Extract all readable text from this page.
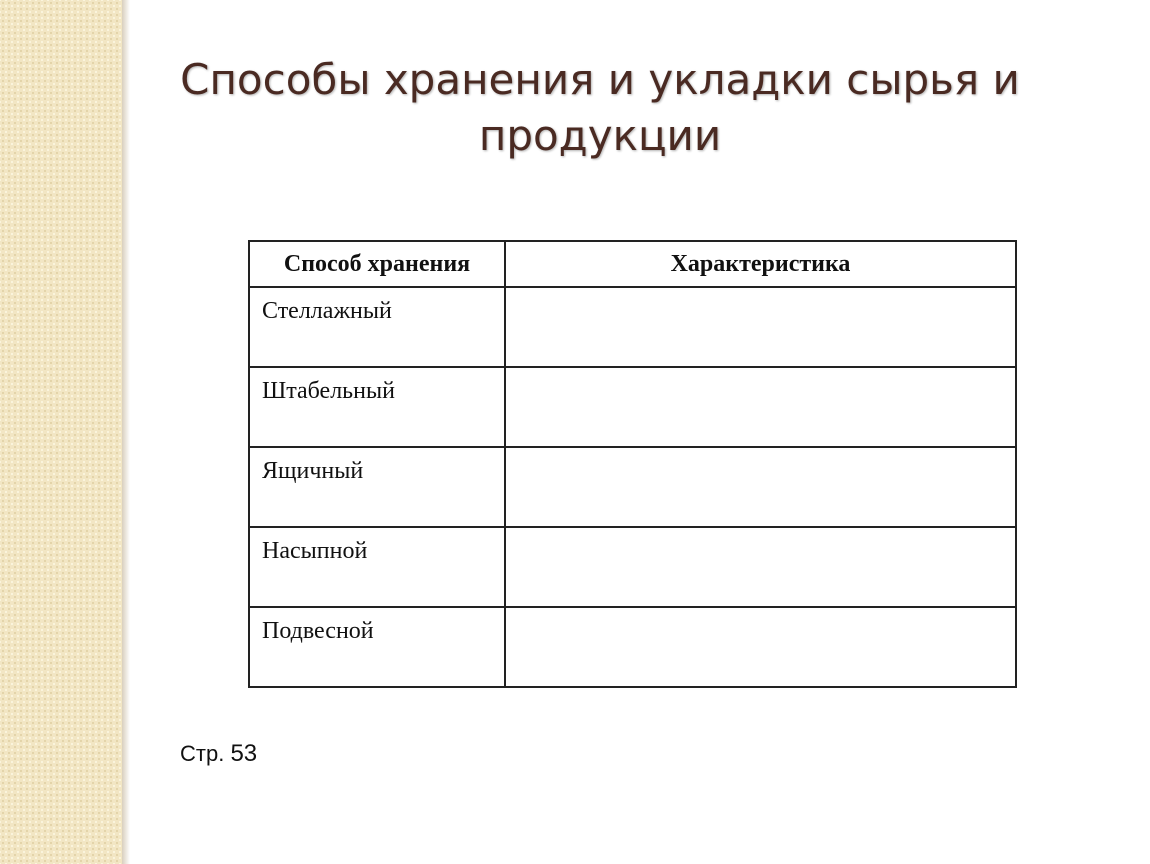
Способы хранения и укладки сырья и
продукции
Способ хранения	Характеристика
Стеллажный	
Штабельный	
Ящичный	
Насыпной	
Подвесной	
Стр. 53
